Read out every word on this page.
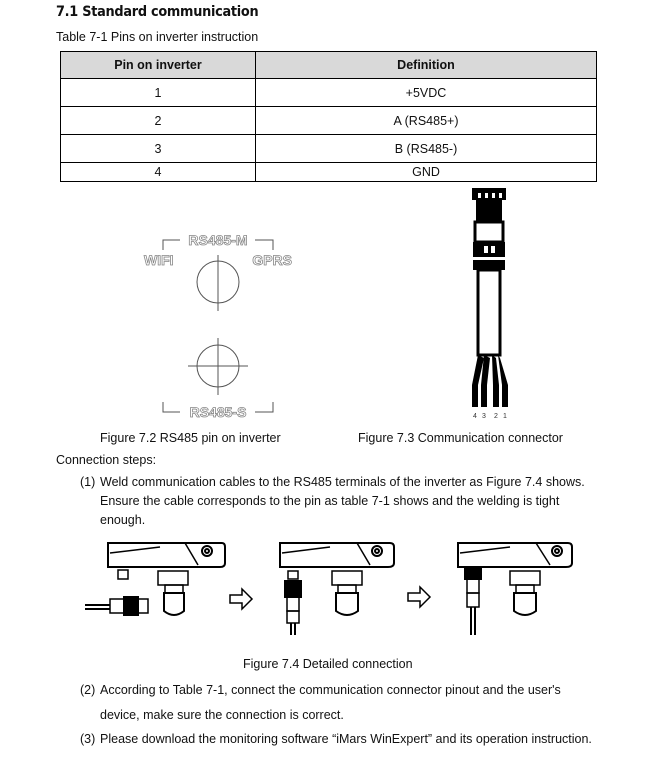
7.1 Standard communication
Table 7-1 Pins on inverter instruction
Pin on inverter	Definition
1	+5VDC
2	A (RS485+)
3	B (RS485-)
4	GND
RS485-M
WIFI	GPRS
RS485-S	4 3 2 1
Figure 7.2 RS485 pin on inverter	Figure 7.3 Communication connector
Connection steps:
(1) Weld communication cables to the RS485 terminals of the inverter as Figure 7.4 shows.
Ensure the cable corresponds to the pin as table 7-1 shows and the welding is tight
enough.
Figure 7.4 Detailed connection
(2) According to Table 7-1, connect the communication connector pinout and the user's
device, make sure the connection is correct.
(3) Please download the monitoring software “iMars WinExpert” and its operation instruction.
